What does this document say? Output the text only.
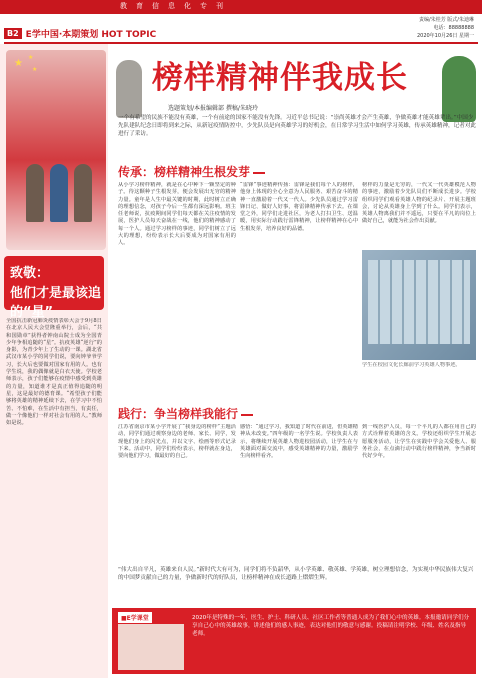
教育信息化专刊
责编/朱桂芳 版式/朱迪琳
电话：88888888
2020年10月26日 星期一
B2 E学中国·本期策划 HOT TOPIC
★
★
★
致敬：
他们才是最该追的“星”
全国抗击新冠肺炎疫情表彰大会于9月8日在北京人民大会堂隆重举行，会后，“共和国勋章”获得者钟南山院士成为全国青少年争相追随的“星”。抗疫英雄“逆行”的身影，为青少年上了生动的一课。湖北省武汉市某小学的同学们说，要向钟爷爷学习，长大后也要做对国家有用的人。也有学生说，我的偶像就是白衣天使。学校老师表示，孩子们能够在疫情中感受到英雄的力量，知道谁才是真正值得追随的明星，这是最好的德育课。“希望孩子们能够将英雄的精神延续下去，在学习中不怕苦、不怕难，在生活中有担当，有责任，做一个像他们一样对社会有用的人。”教师如是说。
榜样精神伴我成长
选题策划/本报编辑部 撰稿/朱晓玲
一个有希望的民族不能没有英雄，一个有前途的国家不能没有先锋。习近平总书记说：“崇尚英雄才会产生英雄，争做英雄才能英雄辈出。”中国少先队建队纪念日即将到来之际，从新冠疫情防控中，少先队员是向英雄学习的好机会，在日常学习生活中如何学习英雄，传承英雄精神，记者对此进行了采访。
传承：榜样精神生根发芽
从小学习榜样精神，就是在心中种下一颗坚定的种子。待这颗种子生根发芽，便会发展出无穷的精神力量。童年是人生中最关键的时期，此时树立正确的理想信念，对孩子今后一生都有深远影响。班主任老师说，抗疫期间同学们每天都在关注疫情的发展，医护人员每天奋战在一线，他们的精神感动了每一个人。通过学习榜样的事迹，同学们树立了远大的理想，纷纷表示长大后要成为对国家有用的人。
“雷锋”事迹精神传扬：雷锋是我们每个人的榜样，他身上体现的全心全意为人民服务、艰苦奋斗的精神一直激励着一代又一代人。少先队员通过学习雷锋日记、做好人好事，将雷锋精神传承下去。在课堂之外，同学们走进社区，为老人打扫卫生、送温暖，用实际行动践行雷锋精神，让榜样精神在心中生根发芽，培养良好的品德。
榜样的力量是无穷的，一代又一代英雄模范人物的事迹，激励着少先队员们不断成长进步。学校组织同学们观看英雄人物的纪录片、开展主题班会，讨论从英雄身上学到了什么。同学们表示，英雄人物离我们并不遥远，只要在平凡的岗位上做好自己，就能为社会作出贡献。
学生在校园文化长廊前学习英雄人物事迹。
践行：争当榜样我能行
江苏省南京市某小学开展了“我身边的榜样”主题活动，同学们通过观察身边的老师、家长、同学，发现他们身上的闪光点，并以文字、绘画等形式记录下来。活动中，同学们纷纷表示，榜样就在身边，要向他们学习，做最好的自己。
感悟：“通过学习，我知道了时代在前进，但英雄精神从未改变。”四年级的一名学生说。学校负责人表示，将继续开展英雄人物进校园活动，让学生在与英雄面对面交流中，感受英雄精神的力量，激励学生向榜样看齐。
到一线医护人员，每一个平凡的人都在用自己的方式诠释着英雄的含义。学校还组织学生开展志愿服务活动，让学生在实践中学会关爱他人、服务社会，在点滴行动中践行榜样精神，争当新时代好少年。
“伟大出自平凡，英雄来自人民。”新时代大有可为，同学们将不负韶华，从小学英雄、敬英雄、学英雄，树立理想信念，为实现中华民族伟大复兴的中国梦贡献自己的力量，争做新时代的好队员，让榜样精神在成长道路上熠熠生辉。
■E学课堂	2020年是特殊的一年，医生、护士、科研人员、社区工作者等普通人成为了我们心中的英雄。本报邀请同学们分享自己心中的英雄故事，讲述他们的感人事迹，表达对他们的敬意与感谢。投稿请注明学校、年级、姓名及指导老师。
